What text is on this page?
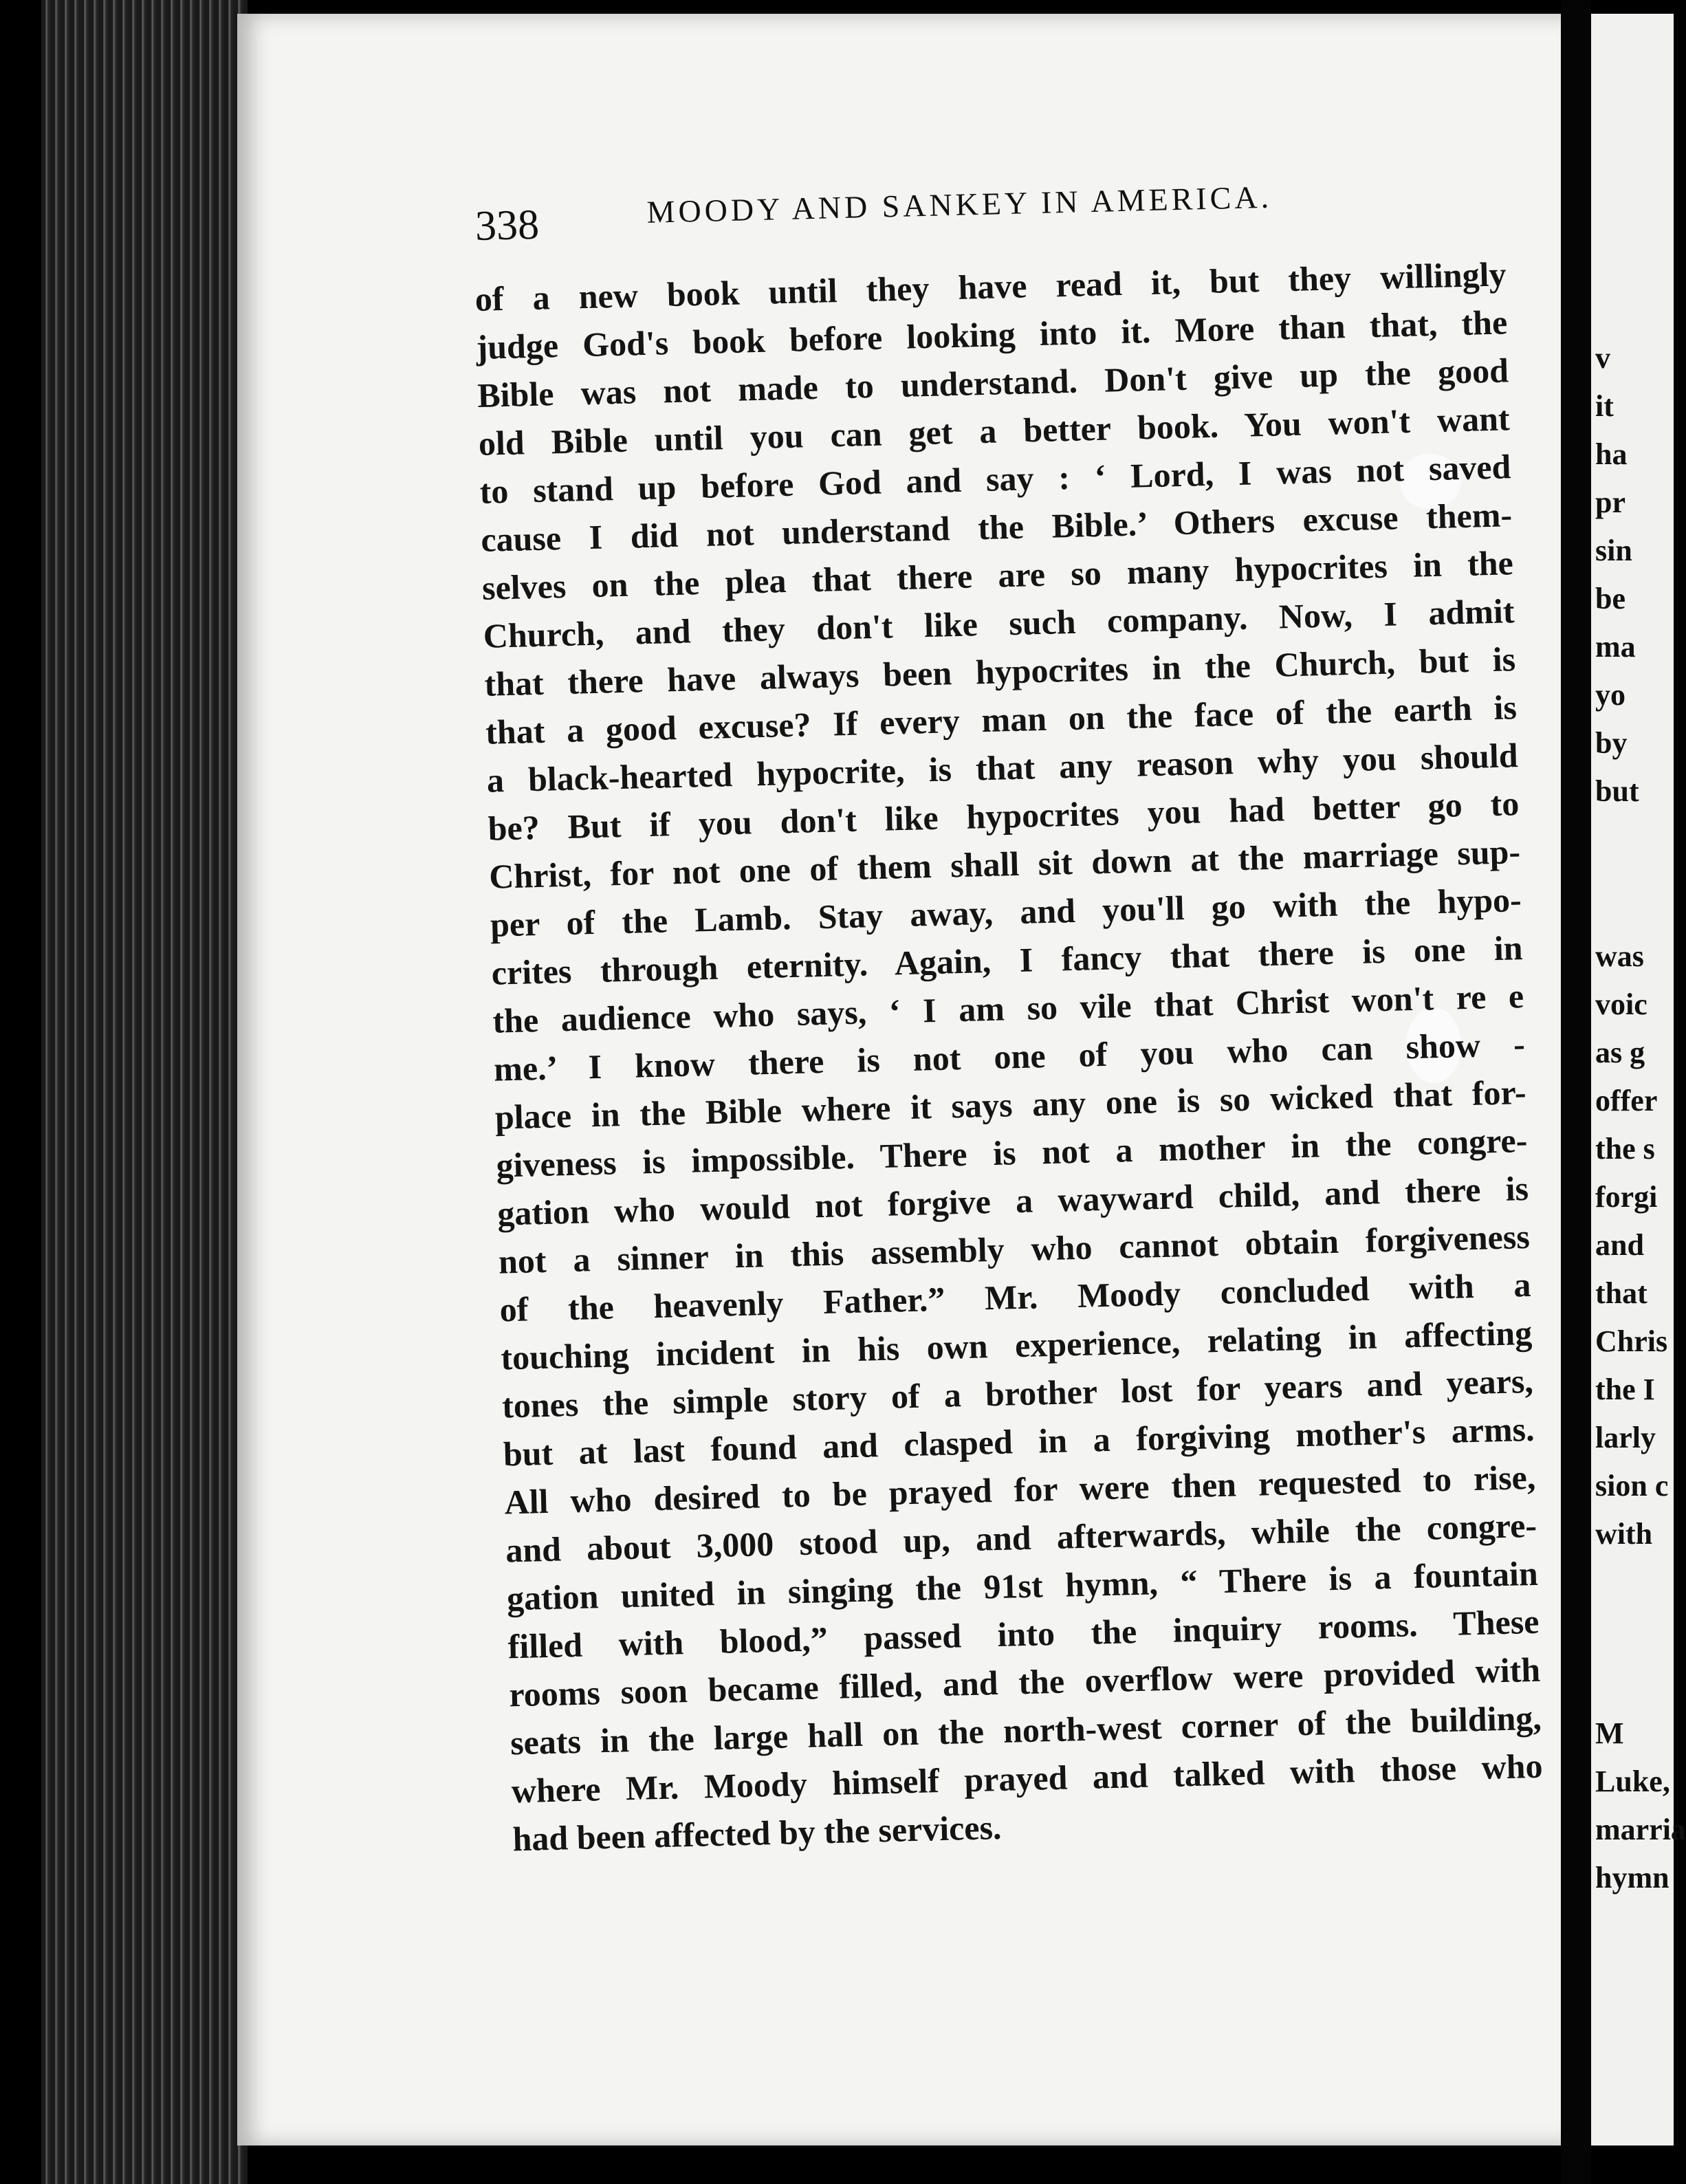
338	MOODY AND SANKEY IN AMERICA.
of a new book until they have read it, but they willingly
judge God's book before looking into it. More than that, the
Bible was not made to understand. Don't give up the good
old Bible until you can get a better book. You won't want
to stand up before God and say : ‘ Lord, I was not saved
cause I did not understand the Bible.’ Others excuse them-
selves on the plea that there are so many hypocrites in the
Church, and they don't like such company. Now, I admit
that there have always been hypocrites in the Church, but is
that a good excuse? If every man on the face of the earth is
a black-hearted hypocrite, is that any reason why you should
be? But if you don't like hypocrites you had better go to
Christ, for not one of them shall sit down at the marriage sup-
per of the Lamb. Stay away, and you'll go with the hypo-
crites through eternity. Again, I fancy that there is one in
the audience who says, ‘ I am so vile that Christ won't re e
me.’ I know there is not one of you who can show -
place in the Bible where it says any one is so wicked that for-
giveness is impossible. There is not a mother in the congre-
gation who would not forgive a wayward child, and there is
not a sinner in this assembly who cannot obtain forgiveness
of the heavenly Father.” Mr. Moody concluded with a
touching incident in his own experience, relating in affecting
tones the simple story of a brother lost for years and years,
but at last found and clasped in a forgiving mother's arms.
All who desired to be prayed for were then requested to rise,
and about 3,000 stood up, and afterwards, while the congre-
gation united in singing the 91st hymn, “ There is a fountain
filled with blood,” passed into the inquiry rooms. These
rooms soon became filled, and the overflow were provided with
seats in the large hall on the north-west corner of the building,
where Mr. Moody himself prayed and talked with those who
had been affected by the services.
v
it
ha
pr
sin
be
ma
yo
by
but
was
voic
as g
offer
the s
forgi
and
that
Chris
the I
larly
sion c
with
M
Luke,
marria
hymn
